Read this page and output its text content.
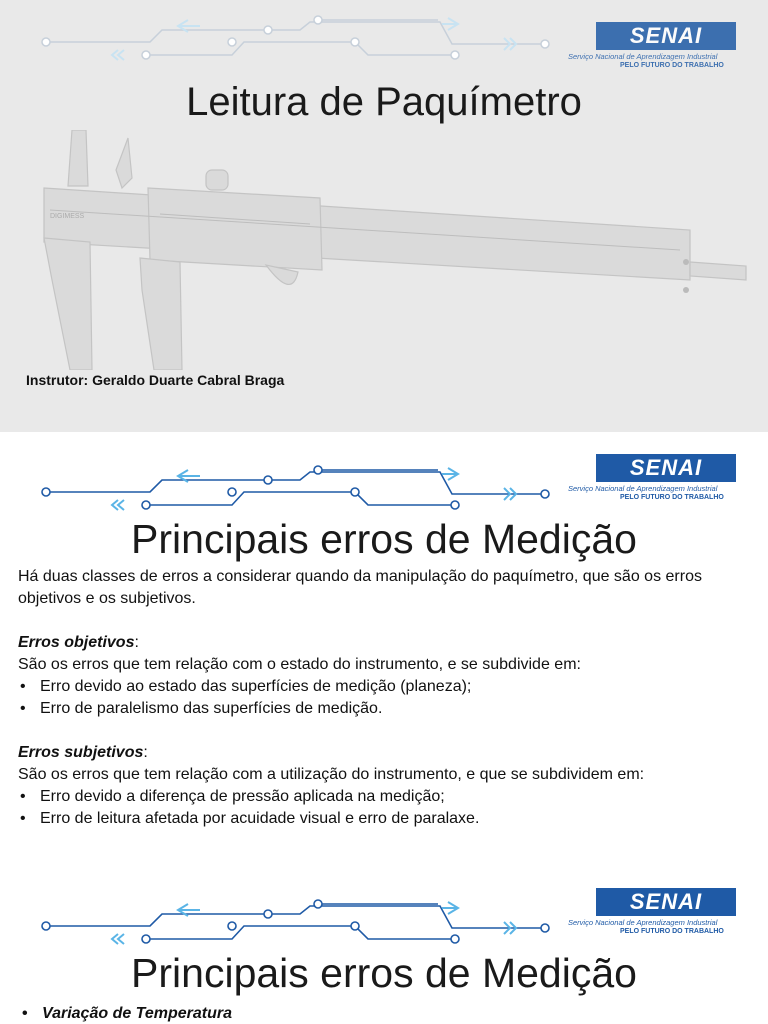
SENAI
Serviço Nacional de Aprendizagem Industrial
PELO FUTURO DO TRABALHO
Leitura de Paquímetro
DIGIMESS
Instrutor: Geraldo Duarte Cabral Braga
SENAI
Serviço Nacional de Aprendizagem Industrial
PELO FUTURO DO TRABALHO
Principais erros de Medição

Há duas classes de erros a considerar quando da manipulação do paquímetro, que são os erros objetivos e os subjetivos.

Erros objetivos:

São os erros que tem relação com o estado do instrumento, e se subdivide em:

• Erro devido ao estado das superfícies de medição (planeza);

• Erro de paralelismo das superfícies de medição.

Erros subjetivos:

São os erros que tem relação com a utilização do instrumento, e que se subdividem em:

• Erro devido a diferença de pressão aplicada na medição;

• Erro de leitura afetada por acuidade visual e erro de paralaxe.

SENAI
Serviço Nacional de Aprendizagem Industrial
PELO FUTURO DO TRABALHO
Principais erros de Medição
• Variação de Temperatura
